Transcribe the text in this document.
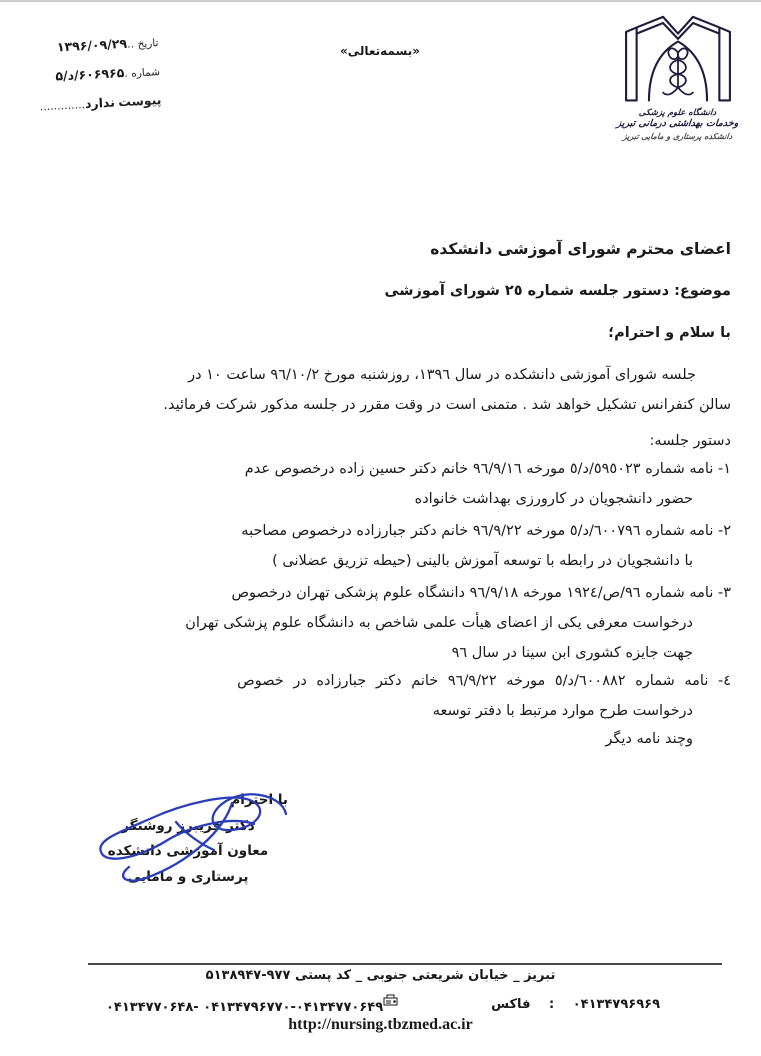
تاریخ ..۱۳۹۶/۰۹/۲۹
شماره .۶۰۶۹۶۵/د/۵
پیوست ندارد.............
«بسمه‌تعالی»
دانشگاه علوم پزشکی
وخدمات بهداشتی درمانی تبریز
دانشکده پرستاری و مامایی تبریز
اعضای محترم شورای آموزشی دانشکده
موضوع: دستور جلسه شماره ٢٥ شورای آموزشی
با سلام و احترام؛
جلسه شورای آموزشی دانشکده در سال ١٣٩٦، روزشنبه مورخ ٩٦/١٠/٢ ساعت ١٠ در
سالن کنفرانس تشکیل خواهد شد . متمنی است در وقت مقرر در جلسه مذکور شرکت فرمائید.
دستور جلسه:
١- نامه شماره ٥٩٥٠٢٣/د/٥ مورخه ٩٦/٩/١٦ خانم دکتر حسین زاده درخصوص عدم
حضور دانشجویان در کارورزی بهداشت خانواده
٢- نامه شماره ٦٠٠٧٩٦/د/٥ مورخه ٩٦/٩/٢٢ خانم دکتر جبارزاده درخصوص مصاحبه
با دانشجویان در رابطه با توسعه آموزش بالینی (حیطه تزریق عضلانی )
٣- نامه شماره ٩٦/ص/١٩٢٤ مورخه ٩٦/٩/١٨ دانشگاه علوم پزشکی تهران درخصوص
درخواست معرفی یکی از اعضای هیأت علمی شاخص به دانشگاه علوم پزشکی تهران
جهت جایزه کشوری ابن سینا در سال ٩٦
٤- نامه شماره ٦٠٠٨٨٢/د/٥ مورخه ٩٦/٩/٢٢ خانم دکتر جبارزاده در خصوص
درخواست طرح موارد مرتبط با دفتر توسعه
وچند نامه دیگر
با احترام
دکتر فریبرز روشنگر
معاون آموزشی دانشکده
پرستاری و مامایی
تبریز _ خیابان شریعتی جنوبی _ کد پستی ۹۷۷-۵۱۳۸۹۴۷
۰۴۱۳۴۷۹۶۷۷۰-۰۴۱۳۴۷۷۰۶۴۹ -۰۴۱۳۴۷۷۰۶۴۸	۰۴۱۳۴۷۹۶۹۶۹ : فاکس
http://nursing.tbzmed.ac.ir
